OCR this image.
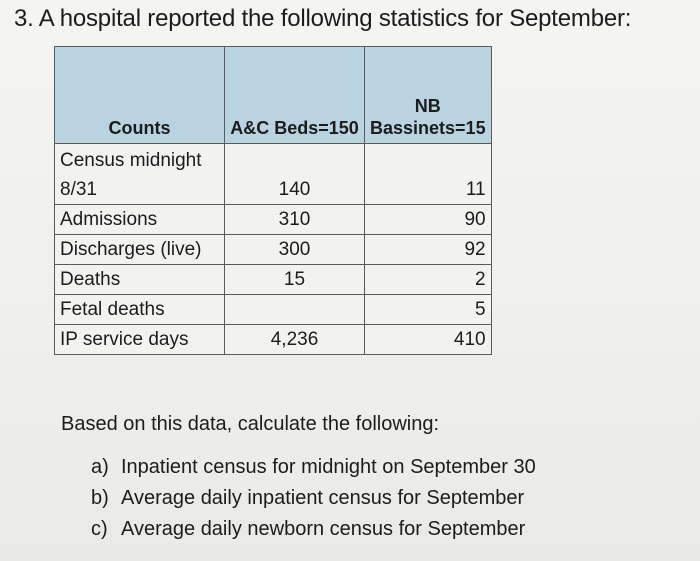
3. A hospital reported the following statistics for September:
Counts	A&C Beds=150	NB
Bassinets=15

Census midnight
8/31	140	11
Admissions	310	90
Discharges (live)	300	92
Deaths	15	2
Fetal deaths		5
IP service days	4,236	410
Based on this data, calculate the following:
a) Inpatient census for midnight on September 30
b) Average daily inpatient census for September
c) Average daily newborn census for September
